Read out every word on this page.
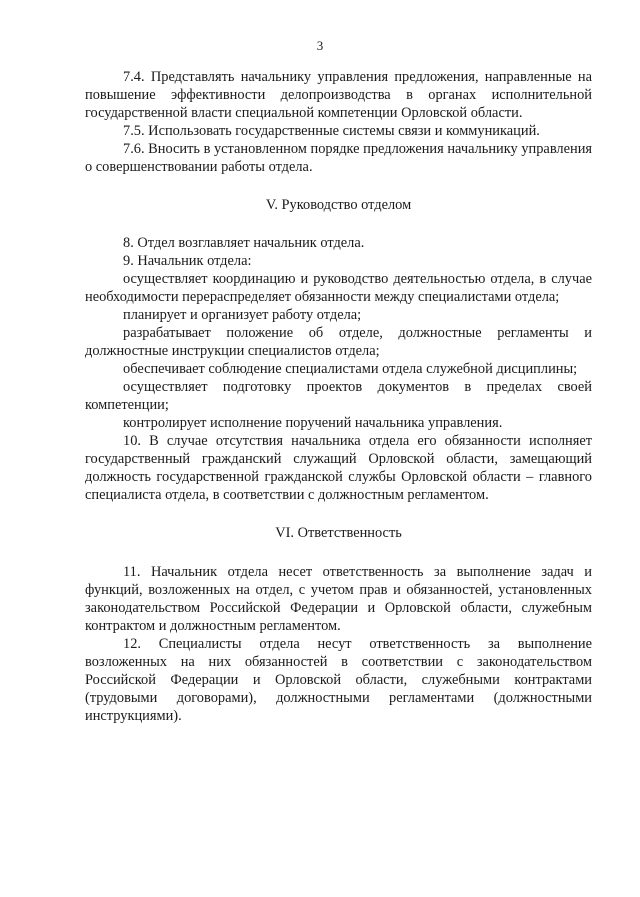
3

7.4. Представлять начальнику управления предложения, направленные на повышение эффективности делопроизводства в органах исполнительной государственной власти специальной компетенции Орловской области.

7.5. Использовать государственные системы связи и коммуникаций.

7.6. Вносить в установленном порядке предложения начальнику управления о совершенствовании работы отдела.

V. Руководство отделом

8. Отдел возглавляет начальник отдела.

9. Начальник отдела:

осуществляет координацию и руководство деятельностью отдела, в случае необходимости перераспределяет обязанности между специалистами отдела;

планирует и организует работу отдела;

разрабатывает положение об отделе, должностные регламенты и должностные инструкции специалистов отдела;

обеспечивает соблюдение специалистами отдела служебной дисциплины;

осуществляет подготовку проектов документов в пределах своей компетенции;

контролирует исполнение поручений начальника управления.

10. В случае отсутствия начальника отдела его обязанности исполняет государственный гражданский служащий Орловской области, замещающий должность государственной гражданской службы Орловской области – главного специалиста отдела, в соответствии с должностным регламентом.

VI. Ответственность

11. Начальник отдела несет ответственность за выполнение задач и функций, возложенных на отдел, с учетом прав и обязанностей, установленных законодательством Российской Федерации и Орловской области, служебным контрактом и должностным регламентом.

12. Специалисты отдела несут ответственность за выполнение возложенных на них обязанностей в соответствии с законодательством Российской Федерации и Орловской области, служебными контрактами (трудовыми договорами), должностными регламентами (должностными инструкциями).
